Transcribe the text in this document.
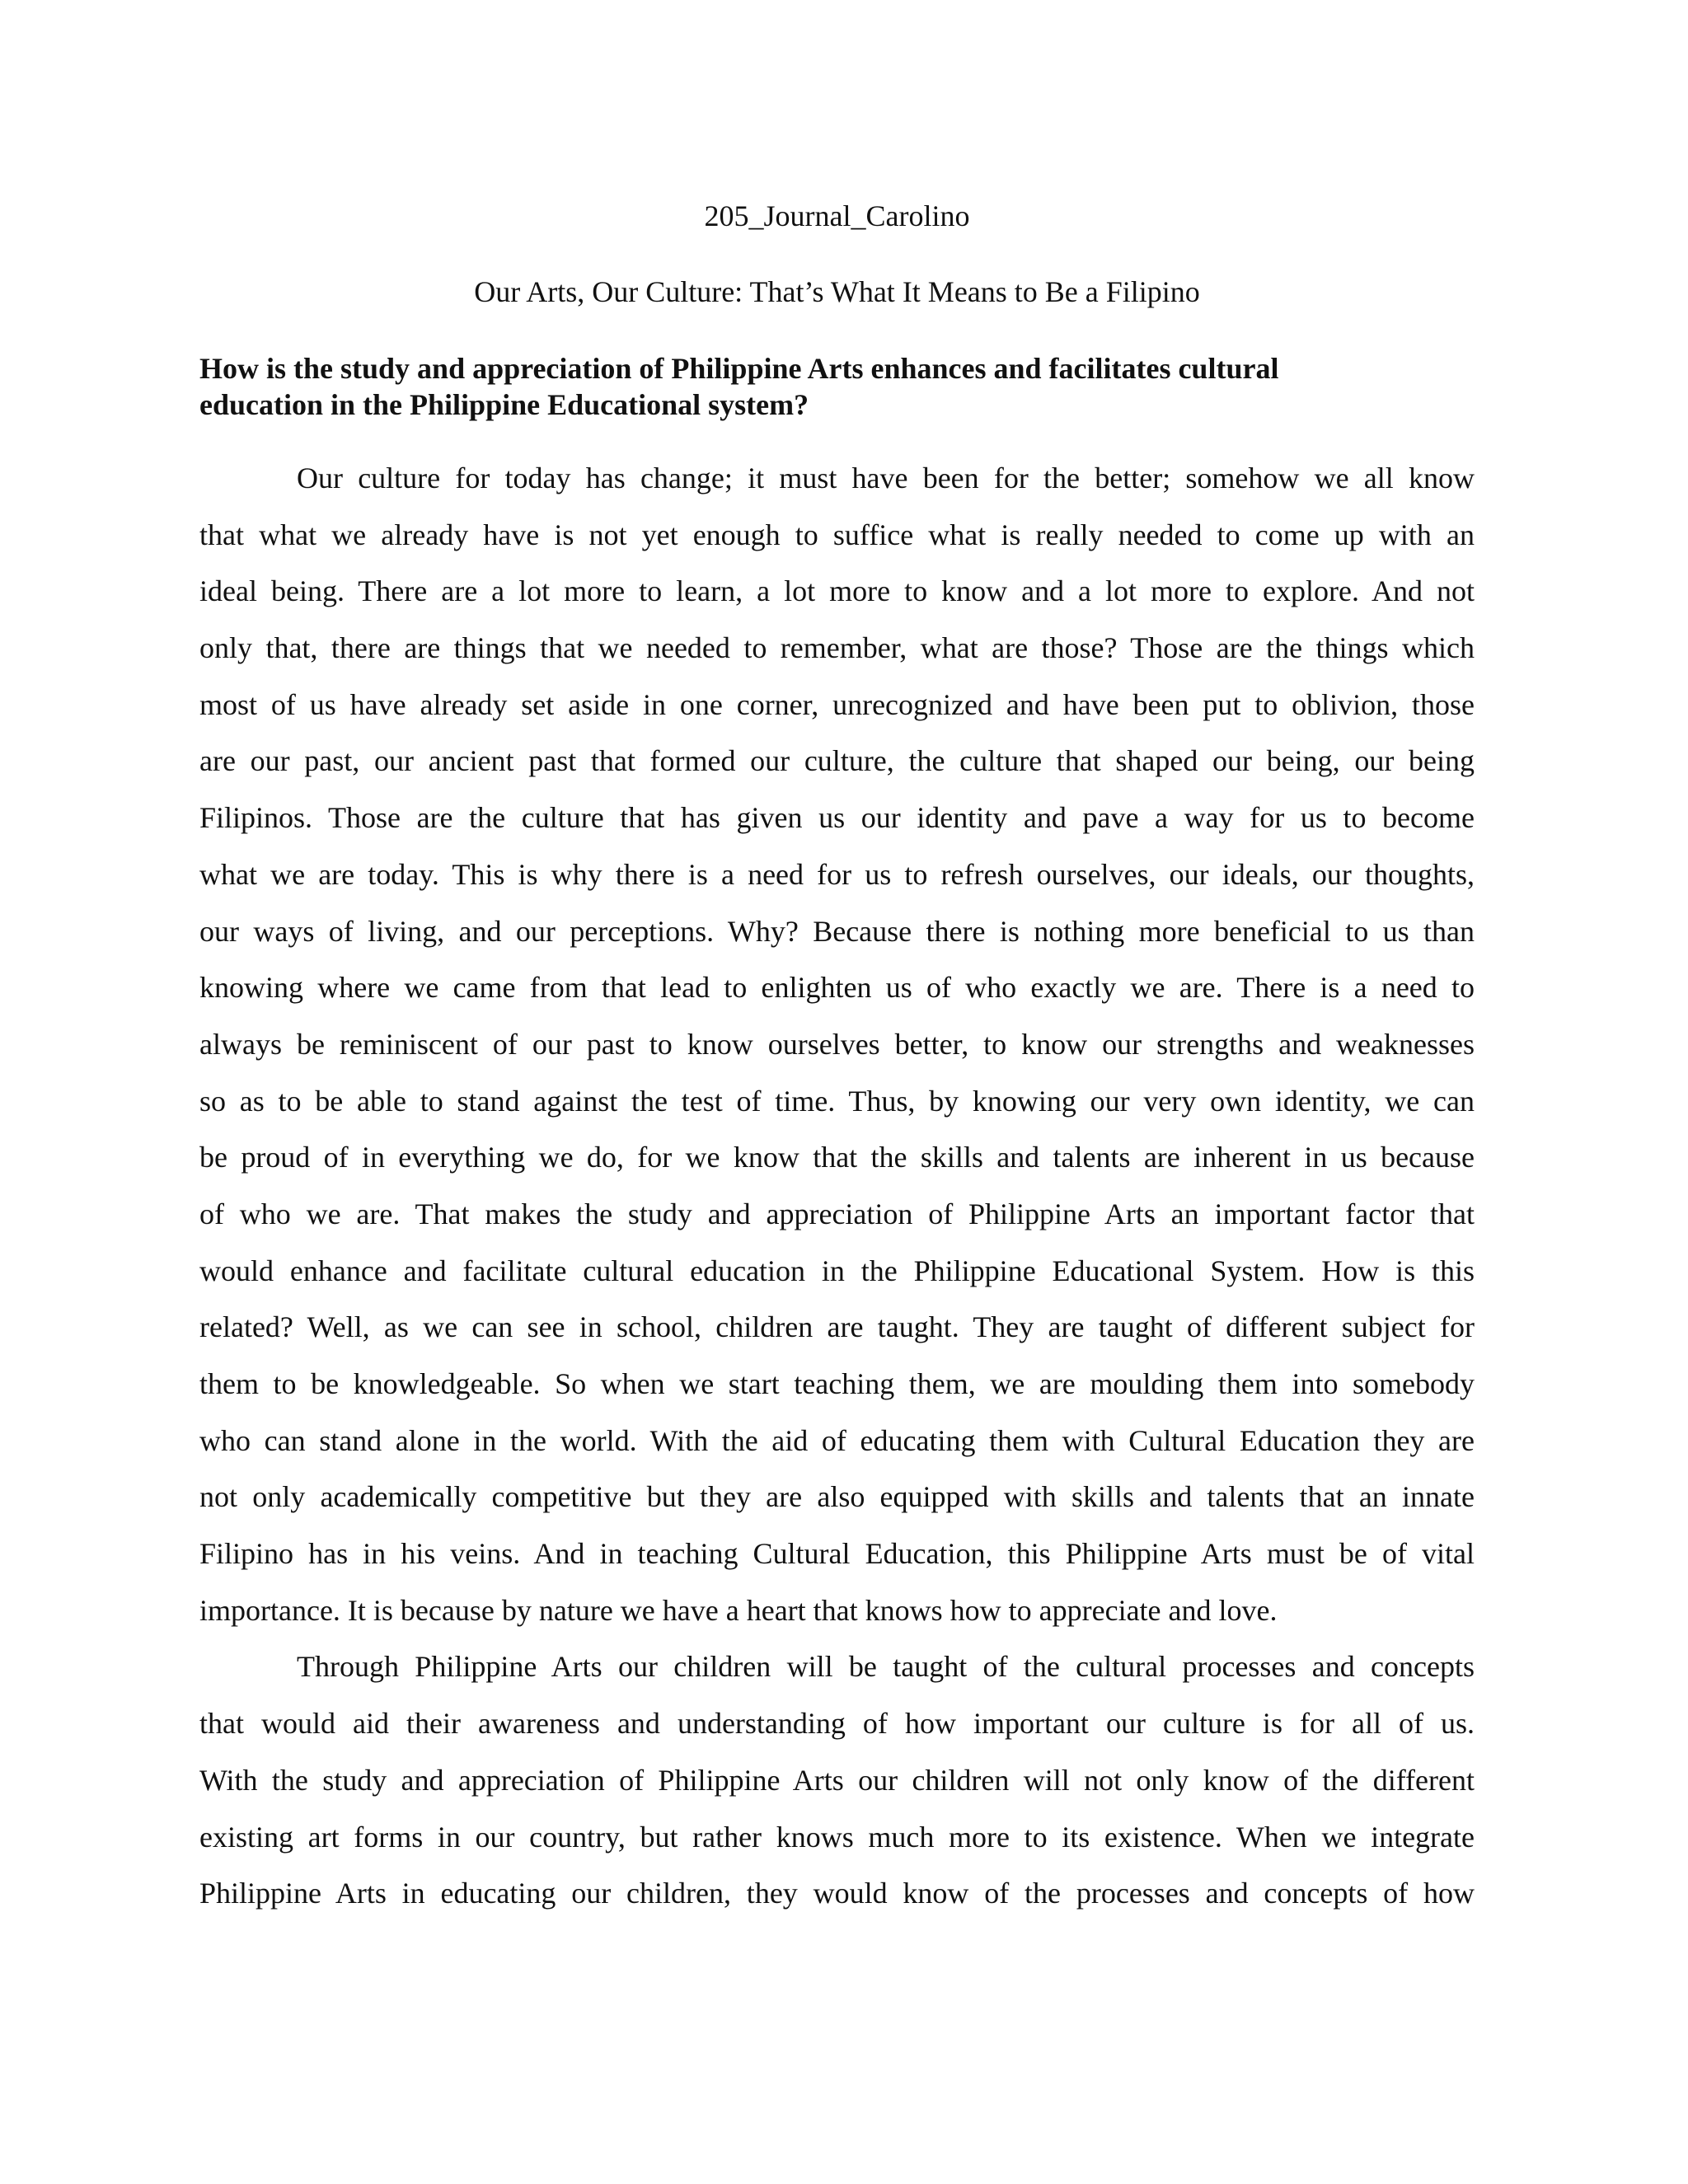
205_Journal_Carolino
Our Arts, Our Culture: That’s What It Means to Be a Filipino
How is the study and appreciation of Philippine Arts enhances and facilitates cultural
education in the Philippine Educational system?
Our culture for today has change; it must have been for the better; somehow we all know
that what we already have is not yet enough to suffice what is really needed to come up with an
ideal being. There are a lot more to learn, a lot more to know and a lot more to explore. And not
only that, there are things that we needed to remember, what are those? Those are the things which
most of us have already set aside in one corner, unrecognized and have been put to oblivion, those
are our past, our ancient past that formed our culture, the culture that shaped our being, our being
Filipinos. Those are the culture that has given us our identity and pave a way for us to become
what we are today. This is why there is a need for us to refresh ourselves, our ideals, our thoughts,
our ways of living, and our perceptions. Why? Because there is nothing more beneficial to us than
knowing where we came from that lead to enlighten us of who exactly we are. There is a need to
always be reminiscent of our past to know ourselves better, to know our strengths and weaknesses
so as to be able to stand against the test of time. Thus, by knowing our very own identity, we can
be proud of in everything we do, for we know that the skills and talents are inherent in us because
of who we are. That makes the study and appreciation of Philippine Arts an important factor that
would enhance and facilitate cultural education in the Philippine Educational System. How is this
related? Well, as we can see in school, children are taught. They are taught of different subject for
them to be knowledgeable. So when we start teaching them, we are moulding them into somebody
who can stand alone in the world. With the aid of educating them with Cultural Education they are
not only academically competitive but they are also equipped with skills and talents that an innate
Filipino has in his veins. And in teaching Cultural Education, this Philippine Arts must be of vital
importance. It is because by nature we have a heart that knows how to appreciate and love.
Through Philippine Arts our children will be taught of the cultural processes and concepts
that would aid their awareness and understanding of how important our culture is for all of us.
With the study and appreciation of Philippine Arts our children will not only know of the different
existing art forms in our country, but rather knows much more to its existence. When we integrate
Philippine Arts in educating our children, they would know of the processes and concepts of how
